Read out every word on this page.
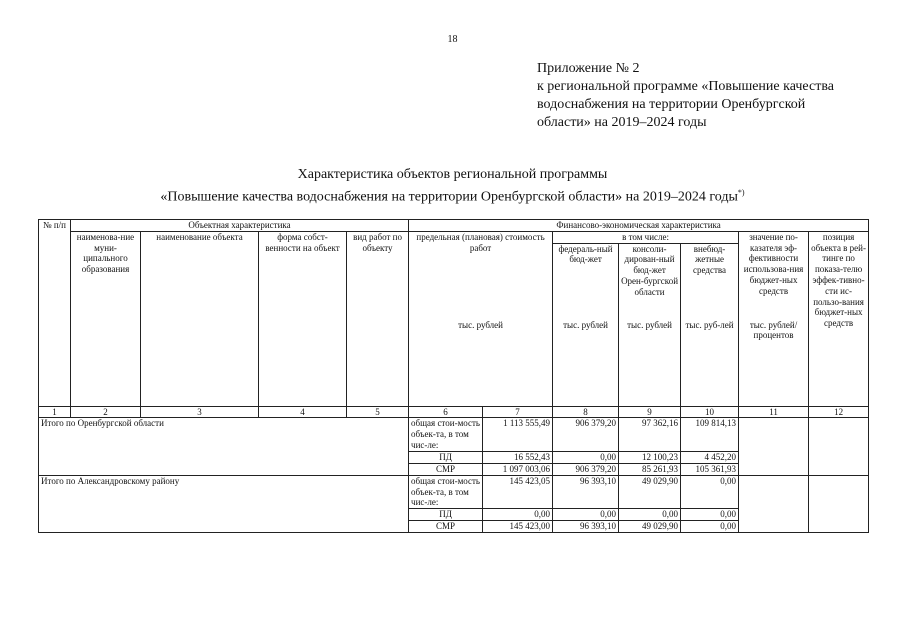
18
Приложение № 2
к региональной программе «Повышение качества
водоснабжения на территории Оренбургской
области» на 2019–2024 годы
Характеристика объектов региональной программы
«Повышение качества водоснабжения на территории Оренбургской области» на 2019–2024 годы*)
№ п/п	Объектная характеристика				Финансово-экономическая характеристика						
	наименова-ние муни-ципального образования	наименование объекта	форма собст-венности на объект	вид работ по объекту	предельная (плановая) стоимость работ		в том числе:			значение по-казателя эф-фективности использова-ния бюджет-ных средств	позиция объекта в рей-тинге по показа-телю эффек-тивно-сти ис-пользо-вания бюджет-ных средств
							федераль-ный бюд-жет	консоли-дирован-ный бюд-жет Орен-бургской области	внебюд-жетные средства		
					тыс. рублей		тыс. рублей	тыс. рублей	тыс. руб-лей	тыс. рублей/ процентов	
1	2	3	4	5	6	7	8	9	10	11	12
Итого по Оренбургской области					общая стои-мость объек-та, в том чис-ле:	1 113 555,49	906 379,20	97 362,16	109 814,13		
					ПД	16 552,43	0,00	12 100,23	4 452,20		
					СМР	1 097 003,06	906 379,20	85 261,93	105 361,93		
Итого по Александровскому району					общая стои-мость объек-та, в том чис-ле:	145 423,05	96 393,10	49 029,90	0,00		
					ПД	0,00	0,00	0,00	0,00		
					СМР	145 423,00	96 393,10	49 029,90	0,00		
